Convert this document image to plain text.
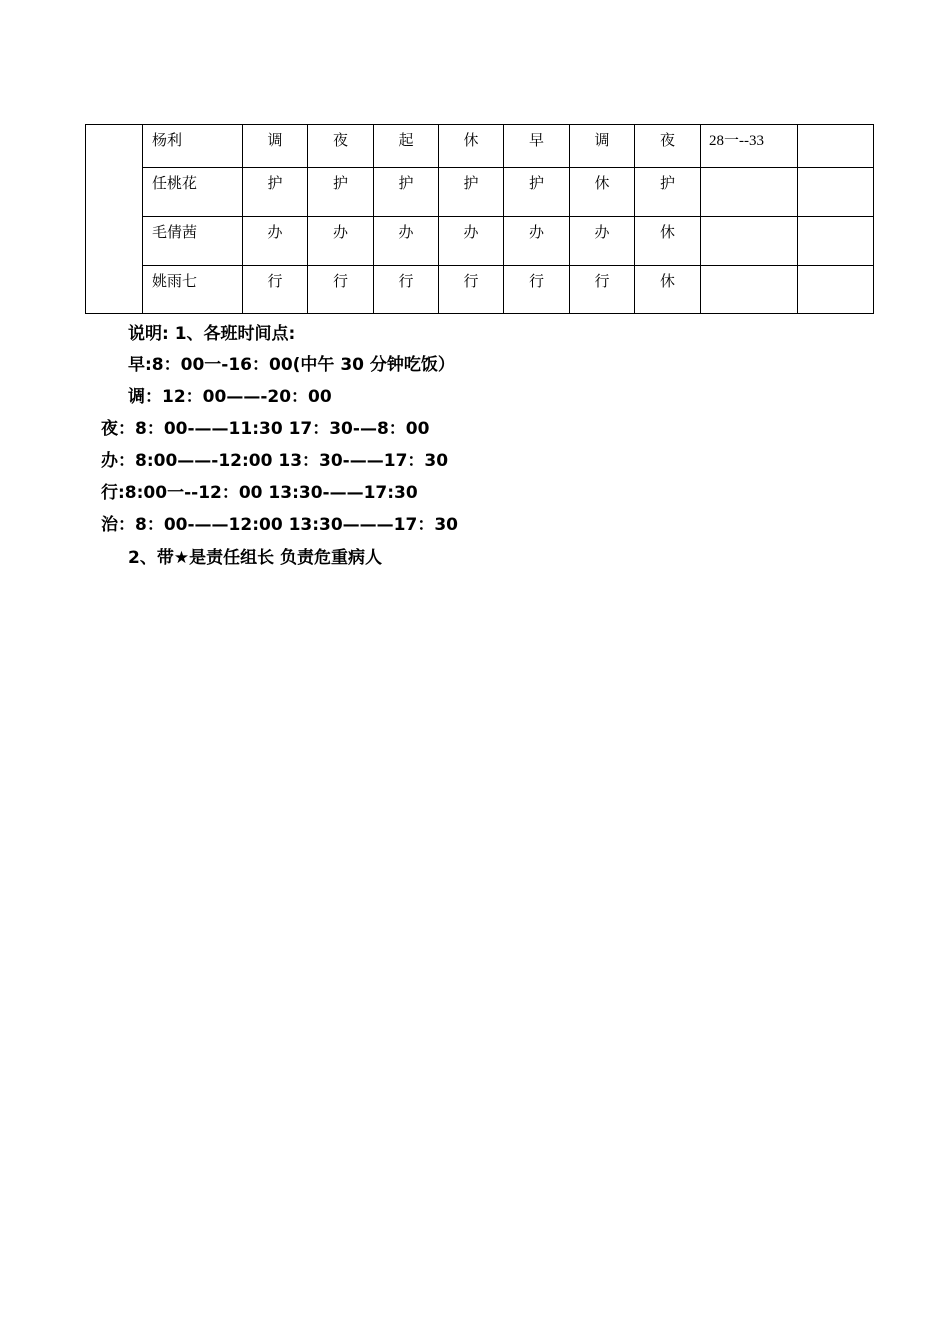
	杨利	调	夜	起	休	早	调	夜	28一--33	
	任桃花	护	护	护	护	护	休	护		
	毛倩茜	办	办	办	办	办	办	休		
	姚雨七	行	行	行	行	行	行	休		
说明: 1、各班时间点:
早:8：00一-16：00(中午 30 分钟吃饭）
调：12：00——-20：00
夜：8：00-——11:30 17：30-—8：00
办：8:00——-12:00 13：30-——17：30
行:8:00一--12：00 13:30-——17:30
治：8：00-——12:00 13:30———17：30
2、带★是责任组长 负责危重病人
